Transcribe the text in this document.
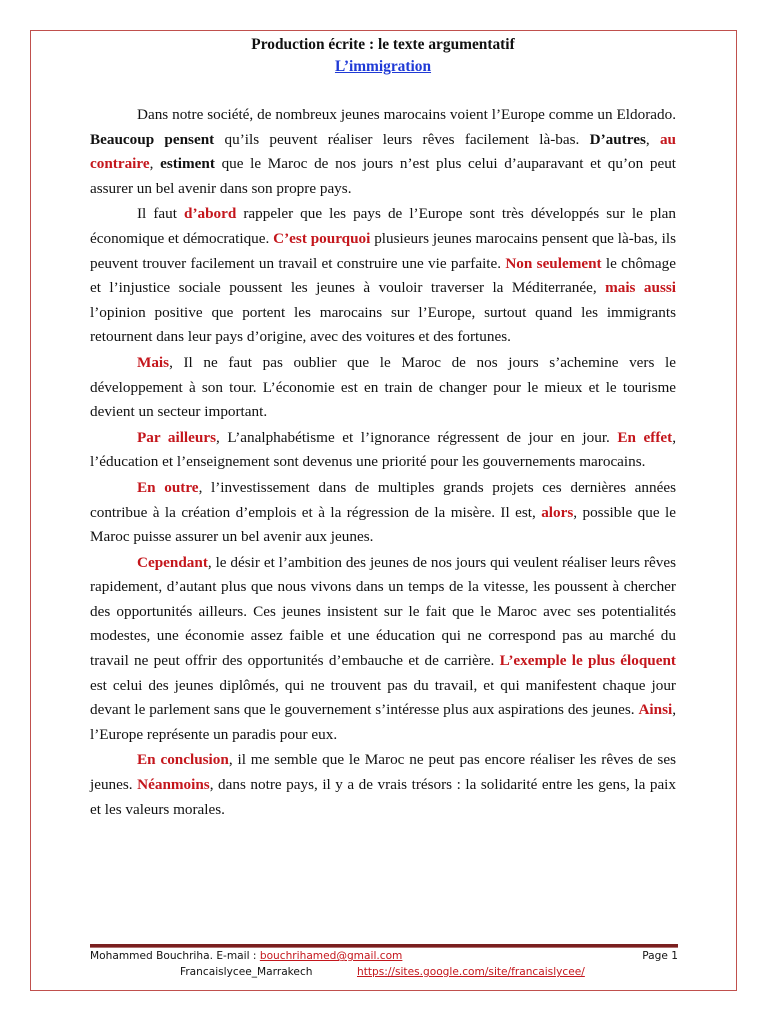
Production écrite : le texte argumentatif
L’immigration

Dans notre société, de nombreux jeunes marocains voient l’Europe comme un Eldorado. Beaucoup pensent qu’ils peuvent réaliser leurs rêves facilement là-bas. D’autres, au contraire, estiment que le Maroc de nos jours n’est plus celui d’auparavant et qu’on peut assurer un bel avenir dans son propre pays.

Il faut d’abord rappeler que les pays de l’Europe sont très développés sur le plan économique et démocratique. C’est pourquoi plusieurs jeunes marocains pensent que là-bas, ils peuvent trouver facilement un travail et construire une vie parfaite. Non seulement le chômage et l’injustice sociale poussent les jeunes à vouloir traverser la Méditerranée, mais aussi l’opinion positive que portent les marocains sur l’Europe, surtout quand les immigrants retournent dans leur pays d’origine, avec des voitures et des fortunes.

Mais, Il ne faut pas oublier que le Maroc de nos jours s’achemine vers le développement à son tour. L’économie est en train de changer pour le mieux et le tourisme devient un secteur important.

Par ailleurs, L’analphabétisme et l’ignorance régressent de jour en jour. En effet, l’éducation et l’enseignement sont devenus une priorité pour les gouvernements marocains.

En outre, l’investissement dans de multiples grands projets ces dernières années contribue à la création d’emplois et à la régression de la misère. Il est, alors, possible que le Maroc puisse assurer un bel avenir aux jeunes.

Cependant, le désir et l’ambition des jeunes de nos jours qui veulent réaliser leurs rêves rapidement, d’autant plus que nous vivons dans un temps de la vitesse, les poussent à chercher des opportunités ailleurs. Ces jeunes insistent sur le fait que le Maroc avec ses potentialités modestes, une économie assez faible et une éducation qui ne correspond pas au marché du travail ne peut offrir des opportunités d’embauche et de carrière. L’exemple le plus éloquent est celui des jeunes diplômés, qui ne trouvent pas du travail, et qui manifestent chaque jour devant le parlement sans que le gouvernement s’intéresse plus aux aspirations des jeunes. Ainsi, l’Europe représente un paradis pour eux.

En conclusion, il me semble que le Maroc ne peut pas encore réaliser les rêves de ses jeunes. Néanmoins, dans notre pays, il y a de vrais trésors : la solidarité entre les gens, la paix et les valeurs morales.

Mohammed Bouchriha. E-mail : bouchrihamed@gmail.com	Page 1
Francaislycee_Marrakech	https://sites.google.com/site/francaislycee/
